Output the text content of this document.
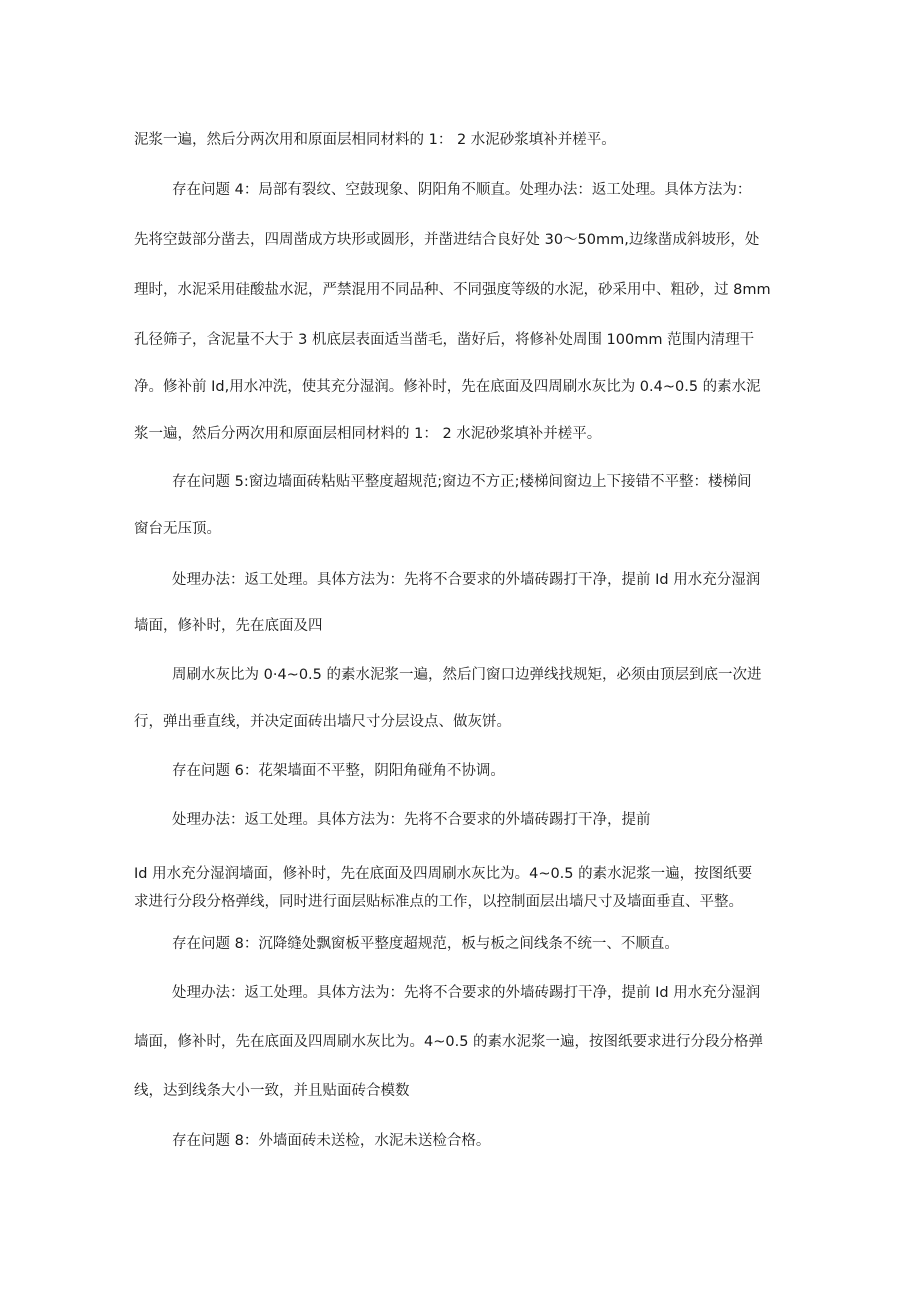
泥浆一遍，然后分两次用和原面层相同材料的 1： 2 水泥砂浆填补并槎平。
存在问题 4：局部有裂纹、空鼓现象、阴阳角不顺直。处理办法：返工处理。具体方法为：
先将空鼓部分凿去，四周凿成方块形或圆形，并凿进结合良好处 30～50mm,边缘凿成斜坡形，处
理时，水泥采用硅酸盐水泥，严禁混用不同品种、不同强度等级的水泥，砂采用中、粗砂，过 8mm
孔径筛子，含泥量不大于 3 机底层表面适当凿毛，凿好后，将修补处周围 100mm 范围内清理干
净。修补前 Id,用水冲洗，使其充分湿润。修补时，先在底面及四周刷水灰比为 0.4~0.5 的素水泥
浆一遍，然后分两次用和原面层相同材料的 1： 2 水泥砂浆填补并槎平。
存在问题 5:窗边墙面砖粘贴平整度超规范;窗边不方正;楼梯间窗边上下接错不平整：楼梯间
窗台无压顶。
处理办法：返工处理。具体方法为：先将不合要求的外墙砖踢打干净，提前 Id 用水充分湿润
墙面，修补时，先在底面及四
周刷水灰比为 0·4~0.5 的素水泥浆一遍，然后门窗口边弹线找规矩，必须由顶层到底一次进
行，弹出垂直线，并决定面砖出墙尺寸分层设点、做灰饼。
存在问题 6：花架墙面不平整，阴阳角碰角不协调。
处理办法：返工处理。具体方法为：先将不合要求的外墙砖踢打干净，提前
Id 用水充分湿润墙面，修补时，先在底面及四周刷水灰比为。4~0.5 的素水泥浆一遍，按图纸要
求进行分段分格弹线，同时进行面层贴标准点的工作，以控制面层出墙尺寸及墙面垂直、平整。
存在问题 8：沉降缝处飘窗板平整度超规范，板与板之间线条不统一、不顺直。
处理办法：返工处理。具体方法为：先将不合要求的外墙砖踢打干净，提前 Id 用水充分湿润
墙面，修补时，先在底面及四周刷水灰比为。4~0.5 的素水泥浆一遍，按图纸要求进行分段分格弹
线，达到线条大小一致，并且贴面砖合模数
存在问题 8：外墙面砖未送检，水泥未送检合格。
